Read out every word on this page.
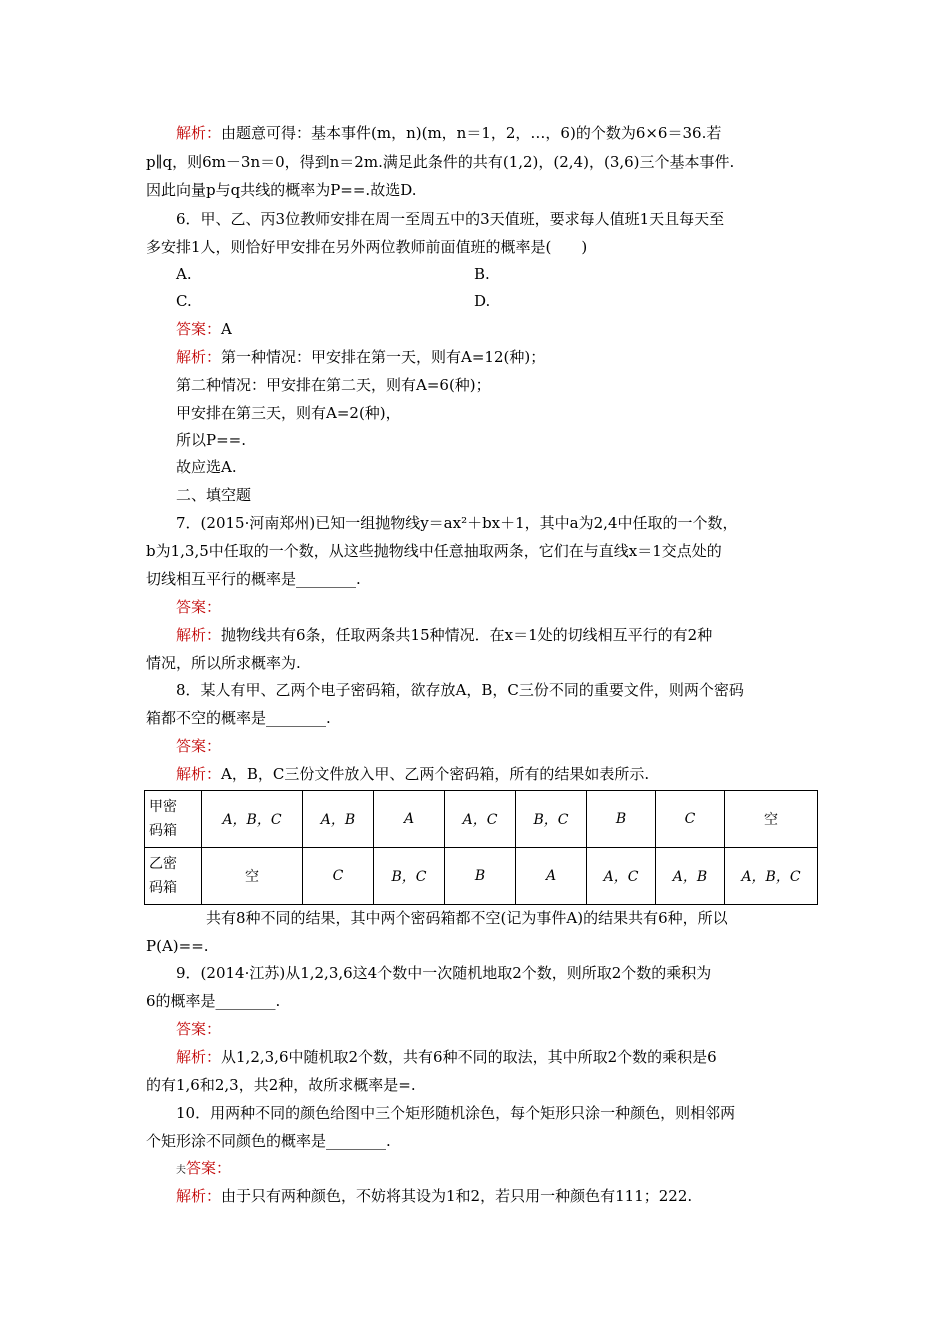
解析：由题意可得：基本事件(m，n)(m，n＝1，2，…，6)的个数为6×6＝36.若
p∥q，则6m－3n＝0，得到n＝2m.满足此条件的共有(1,2)，(2,4)，(3,6)三个基本事件.
因此向量p与q共线的概率为P==.故选D.
6．甲、乙、丙3位教师安排在周一至周五中的3天值班，要求每人值班1天且每天至
多安排1人，则恰好甲安排在另外两位教师前面值班的概率是(　　)
A.	B.
C.	D.
答案：A
解析：第一种情况：甲安排在第一天，则有A=12(种)；
第二种情况：甲安排在第二天，则有A=6(种)；
甲安排在第三天，则有A=2(种)，
所以P==.
故应选A.
二、填空题
7．(2015·河南郑州)已知一组抛物线y＝ax²＋bx＋1，其中a为2,4中任取的一个数，
b为1,3,5中任取的一个数，从这些抛物线中任意抽取两条，它们在与直线x＝1交点处的
切线相互平行的概率是________.
答案：
解析：抛物线共有6条，任取两条共15种情况．在x＝1处的切线相互平行的有2种
情况，所以所求概率为.
8．某人有甲、乙两个电子密码箱，欲存放A，B，C三份不同的重要文件，则两个密码
箱都不空的概率是________.
答案：
解析：A，B，C三份文件放入甲、乙两个密码箱，所有的结果如表所示.
甲密
码箱	A，B，C	A，B	A	A，C	B，C	B	C	空

乙密
码箱	空	C	B，C	B	A	A，C	A，B	A，B，C
共有8种不同的结果，其中两个密码箱都不空(记为事件A)的结果共有6种，所以
P(A)==.
9．(2014·江苏)从1,2,3,6这4个数中一次随机地取2个数，则所取2个数的乘积为
6的概率是________.
答案：
解析：从1,2,3,6中随机取2个数，共有6种不同的取法，其中所取2个数的乘积是6
的有1,6和2,3，共2种，故所求概率是=.
10．用两种不同的颜色给图中三个矩形随机涂色，每个矩形只涂一种颜色，则相邻两
个矩形涂不同颜色的概率是________.
夫答案：
解析：由于只有两种颜色，不妨将其设为1和2，若只用一种颜色有111；222.
